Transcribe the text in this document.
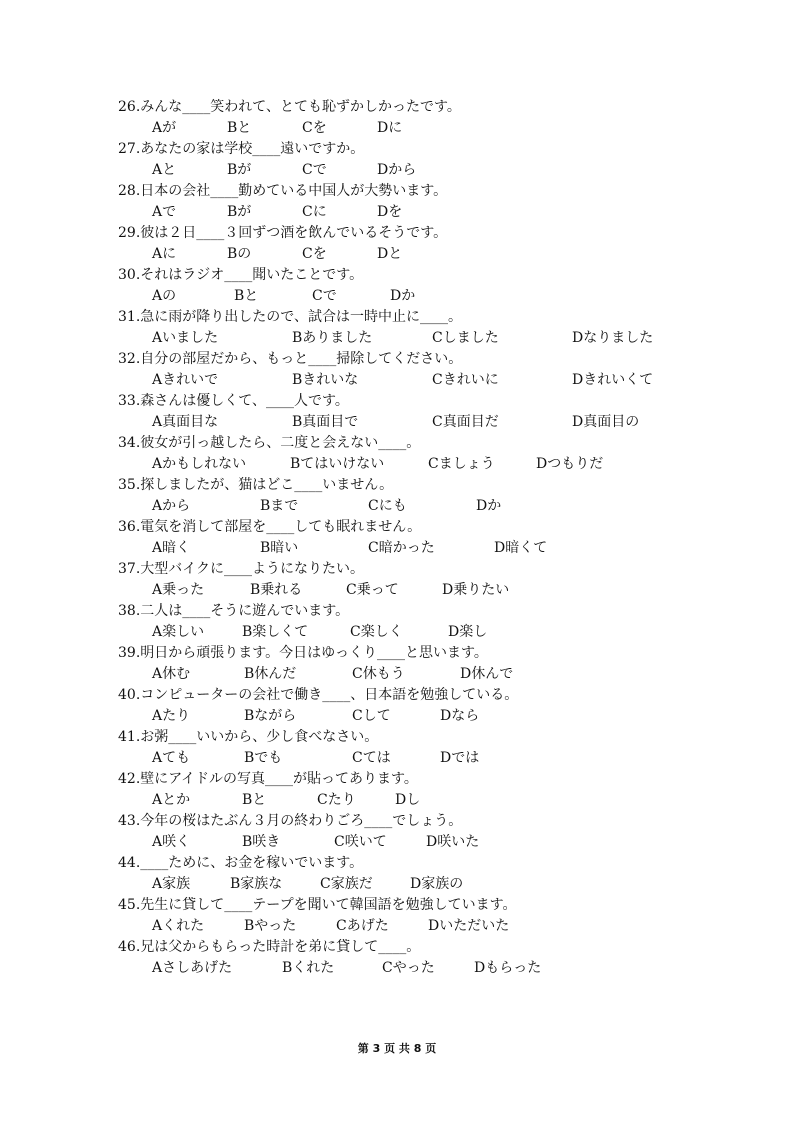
26.みんな____笑われて、とても恥ずかしかったです。
Aが	Bと	Cを	Dに
27.あなたの家は学校____遠いですか。
Aと	Bが	Cで	Dから
28.日本の会社____勤めている中国人が大勢います。
Aで	Bが	Cに	Dを
29.彼は２日____３回ずつ酒を飲んでいるそうです。
Aに	Bの	Cを	Dと
30.それはラジオ____聞いたことです。
Aの	Bと	Cで	Dか
31.急に雨が降り出したので、試合は一時中止に____。
Aいました	Bありました	Cしました	Dなりました
32.自分の部屋だから、もっと____掃除してください。
Aきれいで	Bきれいな	Cきれいに	Dきれいくて
33.森さんは優しくて、____人です。
A真面目な	B真面目で	C真面目だ	D真面目の
34.彼女が引っ越したら、二度と会えない____。
Aかもしれない	Bてはいけない	Cましょう	Dつもりだ
35.探しましたが、猫はどこ____いません。
Aから	Bまで	Cにも	Dか
36.電気を消して部屋を____しても眠れません。
A暗く	B暗い	C暗かった	D暗くて
37.大型バイクに____ようになりたい。
A乗った	B乗れる	C乗って	D乗りたい
38.二人は____そうに遊んでいます。
A楽しい	B楽しくて	C楽しく	D楽し
39.明日から頑張ります。今日はゆっくり____と思います。
A休む	B休んだ	C休もう	D休んで
40.コンピューターの会社で働き____、日本語を勉強している。
Aたり	Bながら	Cして	Dなら
41.お粥____いいから、少し食べなさい。
Aても	Bでも	Cては	Dでは
42.壁にアイドルの写真____が貼ってあります。
Aとか	Bと	Cたり	Dし
43.今年の桜はたぶん３月の終わりごろ____でしょう。
A咲く	B咲き	C咲いて	D咲いた
44.____ために、お金を稼いでいます。
A家族	B家族な	C家族だ	D家族の
45.先生に貸して____テープを聞いて韓国語を勉強しています。
Aくれた	Bやった	Cあげた	Dいただいた
46.兄は父からもらった時計を弟に貸して____。
Aさしあげた	Bくれた	Cやった	Dもらった
第 3 页 共 8 页
